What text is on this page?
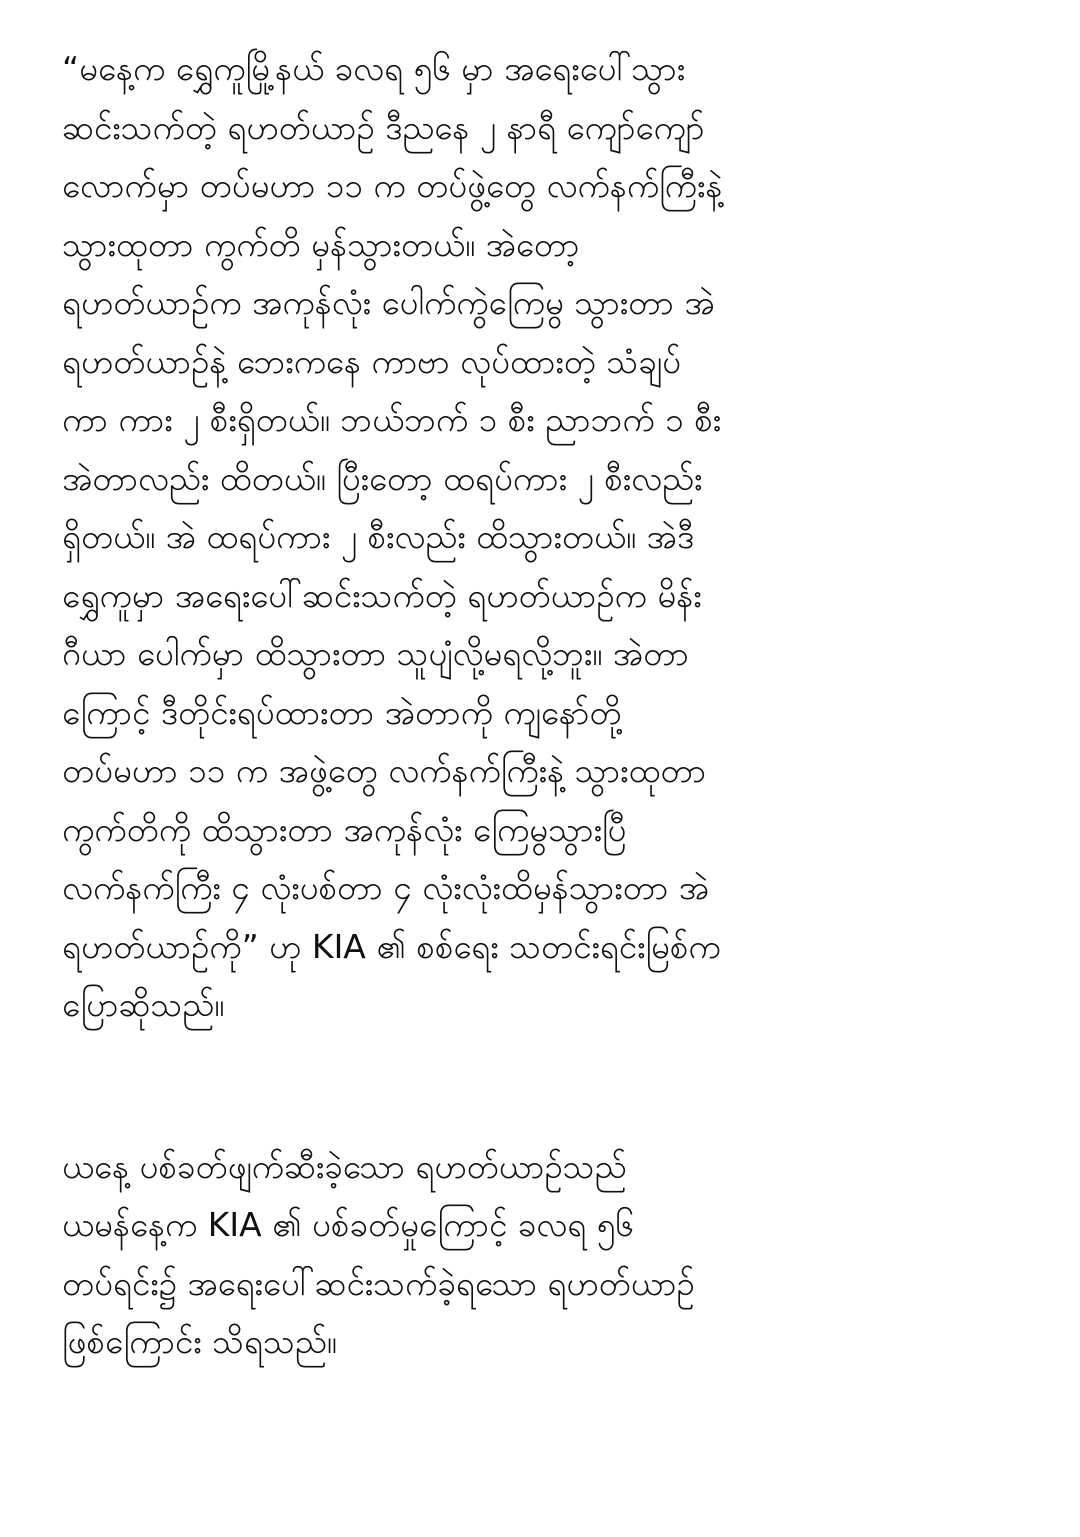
“မနေ့က ရွှေကူမြို့နယ် ခလရ ၅၆ မှာ အရေးပေါ်သွား
ဆင်းသက်တဲ့ ရဟတ်ယာဉ် ဒီညနေ ၂ နာရီ ကျော်ကျော်
လောက်မှာ တပ်မဟာ ၁၁ က တပ်ဖွဲ့တွေ လက်နက်ကြီးနဲ့
သွားထုတာ ကွက်တိ မှန်သွားတယ်။ အဲတော့
ရဟတ်ယာဉ်က အကုန်လုံး ပေါက်ကွဲကြေမွ သွားတာ အဲ
ရဟတ်ယာဉ်နဲ့ ဘေးကနေ ကာဗာ လုပ်ထားတဲ့ သံချပ်
ကာ ကား ၂ စီးရှိတယ်။ ဘယ်ဘက် ၁ စီး ညာဘက် ၁ စီး
အဲတာလည်း ထိတယ်။ ပြီးတော့ ထရပ်ကား ၂ စီးလည်း
ရှိတယ်။ အဲ ထရပ်ကား ၂ စီးလည်း ထိသွားတယ်။ အဲဒီ
ရွှေကူမှာ အရေးပေါ်ဆင်းသက်တဲ့ ရဟတ်ယာဉ်က မိန်း
ဂီယာ ပေါက်မှာ ထိသွားတာ သူပျံလို့မရလို့ဘူး။ အဲတာ
ကြောင့် ဒီတိုင်းရပ်ထားတာ အဲတာကို ကျနော်တို့
တပ်မဟာ ၁၁ က အဖွဲ့တွေ လက်နက်ကြီးနဲ့ သွားထုတာ
ကွက်တိကို ထိသွားတာ အကုန်လုံး ကြေမွသွားပြီ
လက်နက်ကြီး ၄ လုံးပစ်တာ ၄ လုံးလုံးထိမှန်သွားတာ အဲ
ရဟတ်ယာဉ်ကို” ဟု KIA ၏ စစ်ရေး သတင်းရင်းမြစ်က
ပြောဆိုသည်။
ယနေ့ ပစ်ခတ်ဖျက်ဆီးခဲ့သော ရဟတ်ယာဉ်သည်
ယမန်နေ့က KIA ၏ ပစ်ခတ်မှုကြောင့် ခလရ ၅၆
တပ်ရင်း၌ အရေးပေါ်ဆင်းသက်ခဲ့ရသော ရဟတ်ယာဉ်
ဖြစ်ကြောင်း သိရသည်။
